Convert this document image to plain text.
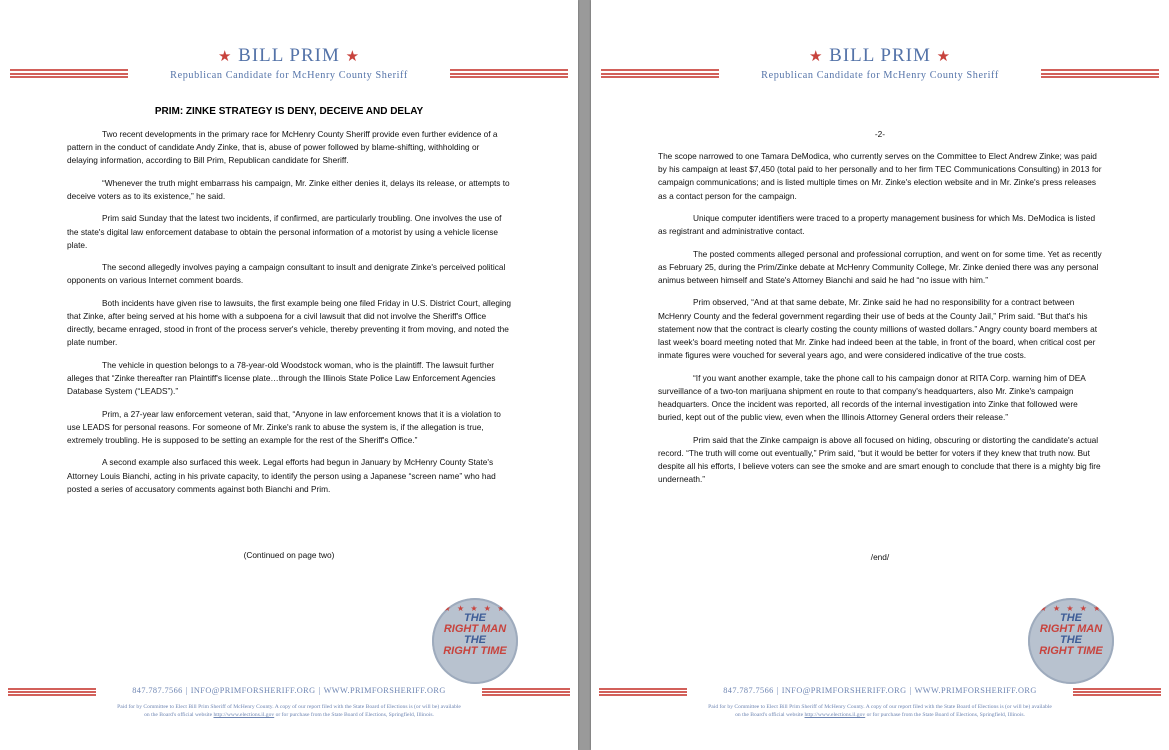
★ BILL PRIM ★
Republican Candidate for McHenry County Sheriff
PRIM: ZINKE STRATEGY IS DENY, DECEIVE AND DELAY

Two recent developments in the primary race for McHenry County Sheriff provide even further evidence of a pattern in the conduct of candidate Andy Zinke, that is, abuse of power followed by blame-shifting, withholding or delaying information, according to Bill Prim, Republican candidate for Sheriff.

“Whenever the truth might embarrass his campaign, Mr. Zinke either denies it, delays its release, or attempts to deceive voters as to its existence,” he said.

Prim said Sunday that the latest two incidents, if confirmed, are particularly troubling. One involves the use of the state's digital law enforcement database to obtain the personal information of a motorist by using a vehicle license plate.

The second allegedly involves paying a campaign consultant to insult and denigrate Zinke's perceived political opponents on various Internet comment boards.

Both incidents have given rise to lawsuits, the first example being one filed Friday in U.S. District Court, alleging that Zinke, after being served at his home with a subpoena for a civil lawsuit that did not involve the Sheriff's Office directly, became enraged, stood in front of the process server's vehicle, thereby preventing it from moving, and noted the plate number.

The vehicle in question belongs to a 78-year-old Woodstock woman, who is the plaintiff. The lawsuit further alleges that “Zinke thereafter ran Plaintiff's license plate…through the Illinois State Police Law Enforcement Agencies Database System (“LEADS”).”

Prim, a 27-year law enforcement veteran, said that, “Anyone in law enforcement knows that it is a violation to use LEADS for personal reasons. For someone of Mr. Zinke's rank to abuse the system is, if the allegation is true, extremely troubling. He is supposed to be setting an example for the rest of the Sheriff's Office.”

A second example also surfaced this week. Legal efforts had begun in January by McHenry County State's Attorney Louis Bianchi, acting in his private capacity, to identify the person using a Japanese “screen name” who had posted a series of accusatory comments against both Bianchi and Prim.

(Continued on page two)
★ ★ ★ ★ ★
THE
RIGHT MAN
THE
RIGHT TIME
847.787.7566 | INFO@PRIMFORSHERIFF.ORG | WWW.PRIMFORSHERIFF.ORG
Paid for by Committee to Elect Bill Prim Sheriff of McHenry County. A copy of our report filed with the State Board of Elections is (or will be) available
on the Board's official website http://www.elections.il.gov or for purchase from the State Board of Elections, Springfield, Illinois.
★ BILL PRIM ★
Republican Candidate for McHenry County Sheriff
-2-

The scope narrowed to one Tamara DeModica, who currently serves on the Committee to Elect Andrew Zinke; was paid by his campaign at least $7,450 (total paid to her personally and to her firm TEC Communications Consulting) in 2013 for campaign communications; and is listed multiple times on Mr. Zinke's election website and in Mr. Zinke's press releases as a contact person for the campaign.

Unique computer identifiers were traced to a property management business for which Ms. DeModica is listed as registrant and administrative contact.

The posted comments alleged personal and professional corruption, and went on for some time. Yet as recently as February 25, during the Prim/Zinke debate at McHenry Community College, Mr. Zinke denied there was any personal animus between himself and State's Attorney Bianchi and said he had “no issue with him.”

Prim observed, “And at that same debate, Mr. Zinke said he had no responsibility for a contract between McHenry County and the federal government regarding their use of beds at the County Jail,” Prim said. “But that's his statement now that the contract is clearly costing the county millions of wasted dollars.” Angry county board members at last week's board meeting noted that Mr. Zinke had indeed been at the table, in front of the board, when critical cost per inmate figures were vouched for several years ago, and were considered indicative of the true costs.

“If you want another example, take the phone call to his campaign donor at RITA Corp. warning him of DEA surveillance of a two-ton marijuana shipment en route to that company's headquarters, also Mr. Zinke's campaign headquarters. Once the incident was reported, all records of the internal investigation into Zinke that followed were buried, kept out of the public view, even when the Illinois Attorney General orders their release.”

Prim said that the Zinke campaign is above all focused on hiding, obscuring or distorting the candidate's actual record. “The truth will come out eventually,” Prim said, “but it would be better for voters if they knew that truth now. But despite all his efforts, I believe voters can see the smoke and are smart enough to conclude that there is a mighty big fire underneath.”

/end/
★ ★ ★ ★ ★
THE
RIGHT MAN
THE
RIGHT TIME
847.787.7566 | INFO@PRIMFORSHERIFF.ORG | WWW.PRIMFORSHERIFF.ORG
Paid for by Committee to Elect Bill Prim Sheriff of McHenry County. A copy of our report filed with the State Board of Elections is (or will be) available
on the Board's official website http://www.elections.il.gov or for purchase from the State Board of Elections, Springfield, Illinois.
